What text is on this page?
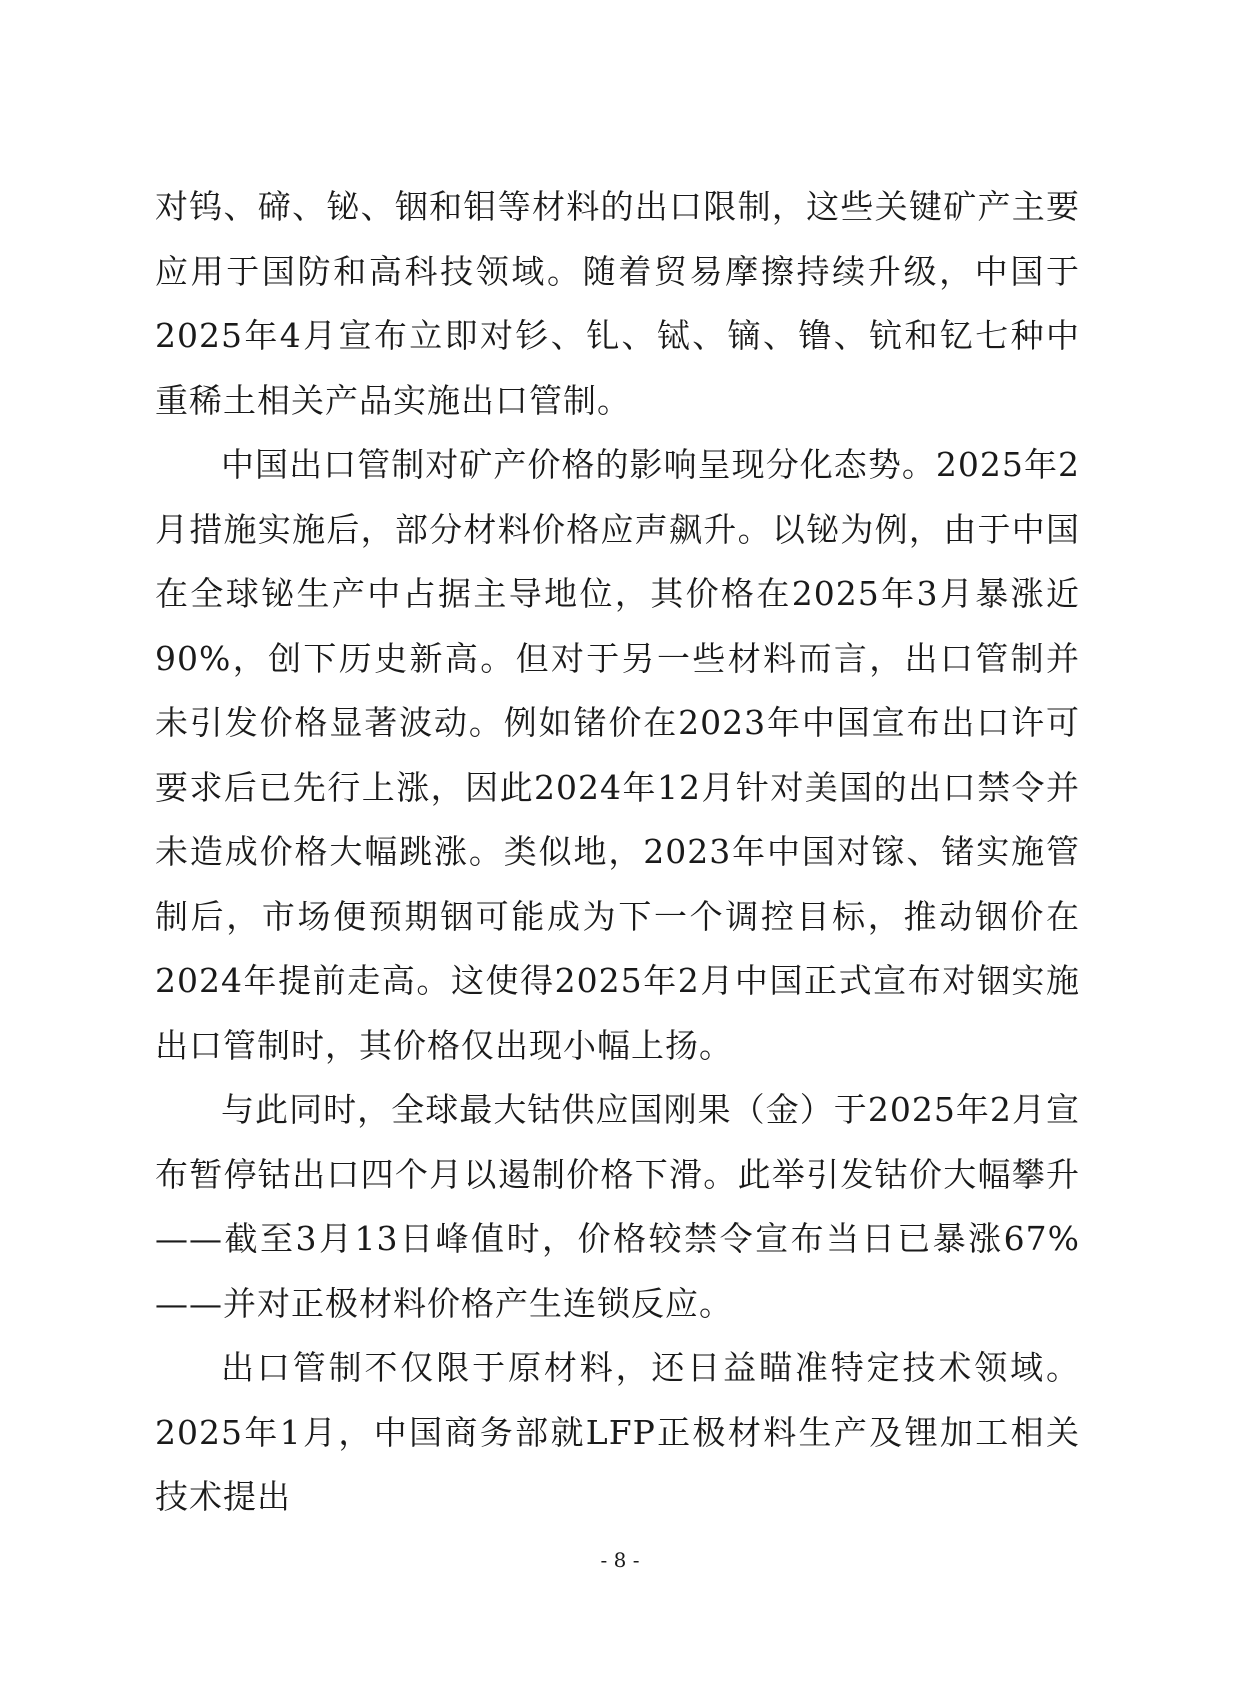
对钨、碲、铋、铟和钼等材料的出口限制，这些关键矿产主要应用于国防和高科技领域。随着贸易摩擦持续升级，中国于2025年4月宣布立即对钐、钆、铽、镝、镥、钪和钇七种中重稀土相关产品实施出口管制。

中国出口管制对矿产价格的影响呈现分化态势。2025年2月措施实施后，部分材料价格应声飙升。以铋为例，由于中国在全球铋生产中占据主导地位，其价格在2025年3月暴涨近90%，创下历史新高。但对于另一些材料而言，出口管制并未引发价格显著波动。例如锗价在2023年中国宣布出口许可要求后已先行上涨，因此2024年12月针对美国的出口禁令并未造成价格大幅跳涨。类似地，2023年中国对镓、锗实施管制后，市场便预期铟可能成为下一个调控目标，推动铟价在2024年提前走高。这使得2025年2月中国正式宣布对铟实施出口管制时，其价格仅出现小幅上扬。

与此同时，全球最大钴供应国刚果（金）于2025年2月宣布暂停钴出口四个月以遏制价格下滑。此举引发钴价大幅攀升——截至3月13日峰值时，价格较禁令宣布当日已暴涨67%——并对正极材料价格产生连锁反应。

出口管制不仅限于原材料，还日益瞄准特定技术领域。2025年1月，中国商务部就LFP正极材料生产及锂加工相关技术提出

- 8 -
